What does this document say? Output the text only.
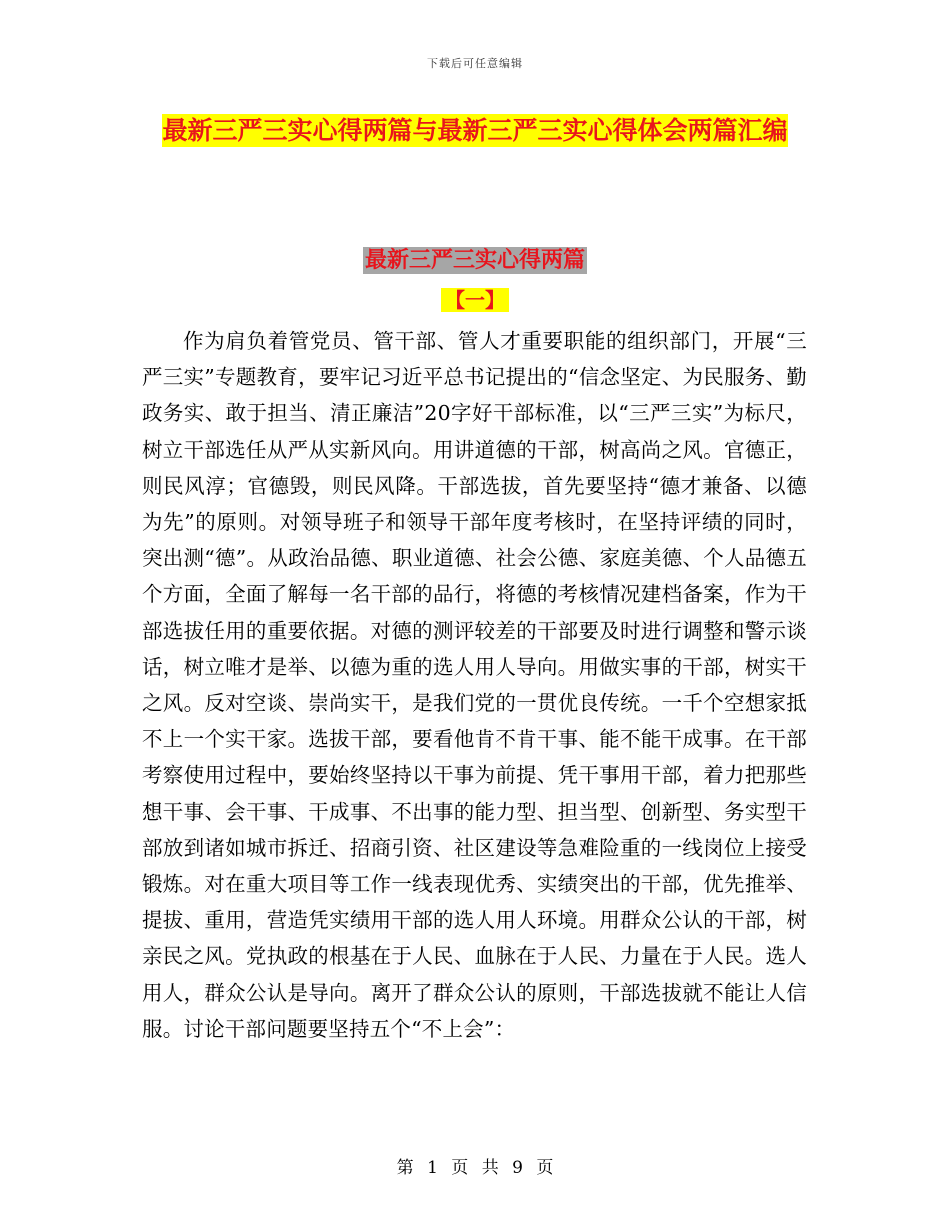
下载后可任意编辑
最新三严三实心得两篇与最新三严三实心得体会两篇汇编
最新三严三实心得两篇
【一】

作为肩负着管党员、管干部、管人才重要职能的组织部门，开展“三严三实”专题教育，要牢记习近平总书记提出的“信念坚定、为民服务、勤政务实、敢于担当、清正廉洁”20字好干部标准，以“三严三实”为标尺，树立干部选任从严从实新风向。用讲道德的干部，树高尚之风。官德正，则民风淳；官德毁，则民风降。干部选拔，首先要坚持“德才兼备、以德为先”的原则。对领导班子和领导干部年度考核时，在坚持评绩的同时，突出测“德”。从政治品德、职业道德、社会公德、家庭美德、个人品德五个方面，全面了解每一名干部的品行，将德的考核情况建档备案，作为干部选拔任用的重要依据。对德的测评较差的干部要及时进行调整和警示谈话，树立唯才是举、以德为重的选人用人导向。用做实事的干部，树实干之风。反对空谈、崇尚实干，是我们党的一贯优良传统。一千个空想家抵不上一个实干家。选拔干部，要看他肯不肯干事、能不能干成事。在干部考察使用过程中，要始终坚持以干事为前提、凭干事用干部，着力把那些想干事、会干事、干成事、不出事的能力型、担当型、创新型、务实型干部放到诸如城市拆迁、招商引资、社区建设等急难险重的一线岗位上接受锻炼。对在重大项目等工作一线表现优秀、实绩突出的干部，优先推举、提拔、重用，营造凭实绩用干部的选人用人环境。用群众公认的干部，树亲民之风。党执政的根基在于人民、血脉在于人民、力量在于人民。选人用人，群众公认是导向。离开了群众公认的原则，干部选拔就不能让人信服。讨论干部问题要坚持五个“不上会”：

第 1 页 共 9 页
